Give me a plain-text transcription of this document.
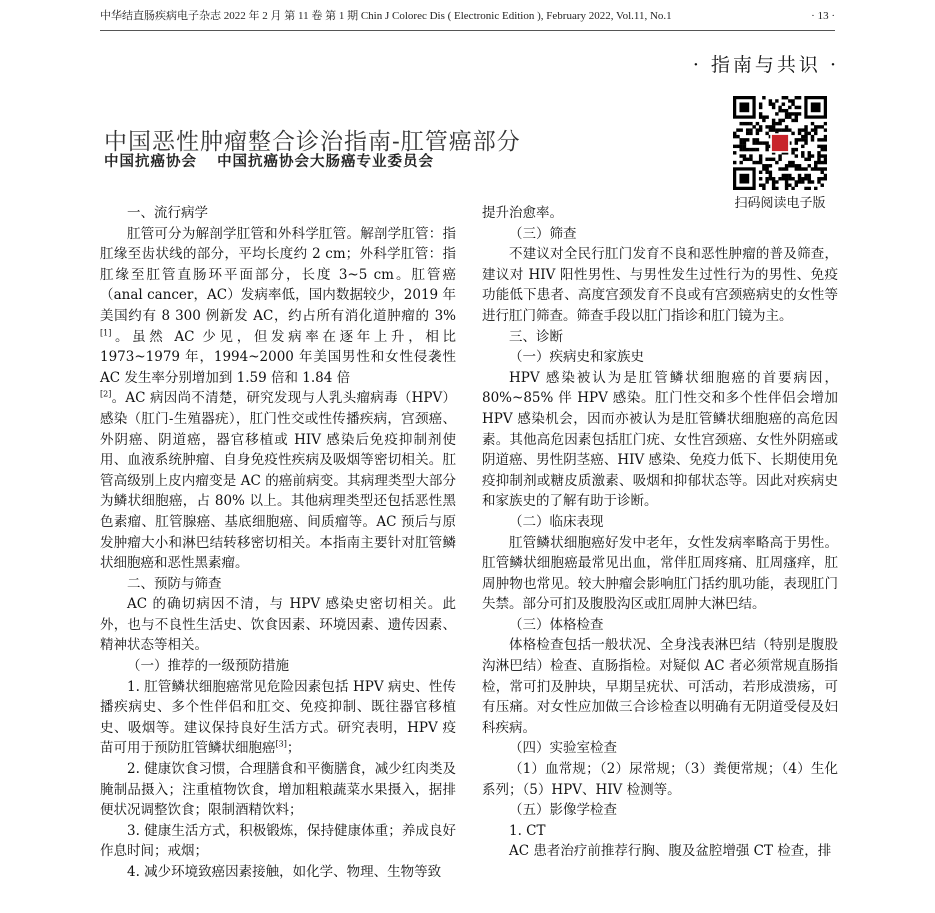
中华结直肠疾病电子杂志 2022 年 2 月 第 11 卷 第 1 期 Chin J Colorec Dis ( Electronic Edition ), February 2022, Vol.11, No.1	· 13 ·
· 指南与共识 ·
中国恶性肿瘤整合诊治指南-肛管癌部分
中国抗癌协会 中国抗癌协会大肠癌专业委员会
扫码阅读电子版

一、流行病学

肛管可分为解剖学肛管和外科学肛管。解剖学肛管：指肛缘至齿状线的部分，平均长度约 2 cm；外科学肛管：指肛缘至肛管直肠环平面部分，长度 3~5 cm。肛管癌（anal cancer，AC）发病率低，国内数据较少，2019 年美国约有 8 300 例新发 AC，约占所有消化道肿瘤的 3%[1]。虽然 AC 少见，但发病率在逐年上升，相比 1973~1979 年，1994~2000 年美国男性和女性侵袭性 AC 发生率分别增加到 1.59 倍和 1.84 倍

[2]。AC 病因尚不清楚，研究发现与人乳头瘤病毒（HPV）感染（肛门-生殖器疣），肛门性交或性传播疾病，宫颈癌、外阴癌、阴道癌，器官移植或 HIV 感染后免疫抑制剂使用、血液系统肿瘤、自身免疫性疾病及吸烟等密切相关。肛管高级别上皮内瘤变是 AC 的癌前病变。其病理类型大部分为鳞状细胞癌，占 80% 以上。其他病理类型还包括恶性黑色素瘤、肛管腺癌、基底细胞癌、间质瘤等。AC 预后与原发肿瘤大小和淋巴结转移密切相关。本指南主要针对肛管鳞状细胞癌和恶性黑素瘤。

二、预防与筛查

AC 的确切病因不清，与 HPV 感染史密切相关。此外，也与不良性生活史、饮食因素、环境因素、遗传因素、精神状态等相关。

（一）推荐的一级预防措施

1. 肛管鳞状细胞癌常见危险因素包括 HPV 病史、性传播疾病史、多个性伴侣和肛交、免疫抑制、既往器官移植史、吸烟等。建议保持良好生活方式。研究表明，HPV 疫苗可用于预防肛管鳞状细胞癌[3]；

2. 健康饮食习惯，合理膳食和平衡膳食，减少红肉类及腌制品摄入；注重植物饮食，增加粗粮蔬菜水果摄入，据排便状况调整饮食；限制酒精饮料；

3. 健康生活方式，积极锻炼，保持健康体重；养成良好作息时间；戒烟；

4. 减少环境致癌因素接触，如化学、物理、生物等致

提升治愈率。

（三）筛查

不建议对全民行肛门发育不良和恶性肿瘤的普及筛查，建议对 HIV 阳性男性、与男性发生过性行为的男性、免疫功能低下患者、高度宫颈发育不良或有宫颈癌病史的女性等进行肛门筛查。筛查手段以肛门指诊和肛门镜为主。

三、诊断

（一）疾病史和家族史

HPV 感染被认为是肛管鳞状细胞癌的首要病因，80%~85% 伴 HPV 感染。肛门性交和多个性伴侣会增加 HPV 感染机会，因而亦被认为是肛管鳞状细胞癌的高危因素。其他高危因素包括肛门疣、女性宫颈癌、女性外阴癌或阴道癌、男性阴茎癌、HIV 感染、免疫力低下、长期使用免疫抑制剂或糖皮质激素、吸烟和抑郁状态等。因此对疾病史和家族史的了解有助于诊断。

（二）临床表现

肛管鳞状细胞癌好发中老年，女性发病率略高于男性。肛管鳞状细胞癌最常见出血，常伴肛周疼痛、肛周瘙痒，肛周肿物也常见。较大肿瘤会影响肛门括约肌功能，表现肛门失禁。部分可扪及腹股沟区或肛周肿大淋巴结。

（三）体格检查

体格检查包括一般状况、全身浅表淋巴结（特别是腹股沟淋巴结）检查、直肠指检。对疑似 AC 者必须常规直肠指检，常可扪及肿块，早期呈疣状、可活动，若形成溃疡，可有压痛。对女性应加做三合诊检查以明确有无阴道受侵及妇科疾病。

（四）实验室检查

（1）血常规；（2）尿常规；（3）粪便常规；（4）生化系列；（5）HPV、HIV 检测等。

（五）影像学检查

1. CT

AC 患者治疗前推荐行胸、腹及盆腔增强 CT 检查，排
